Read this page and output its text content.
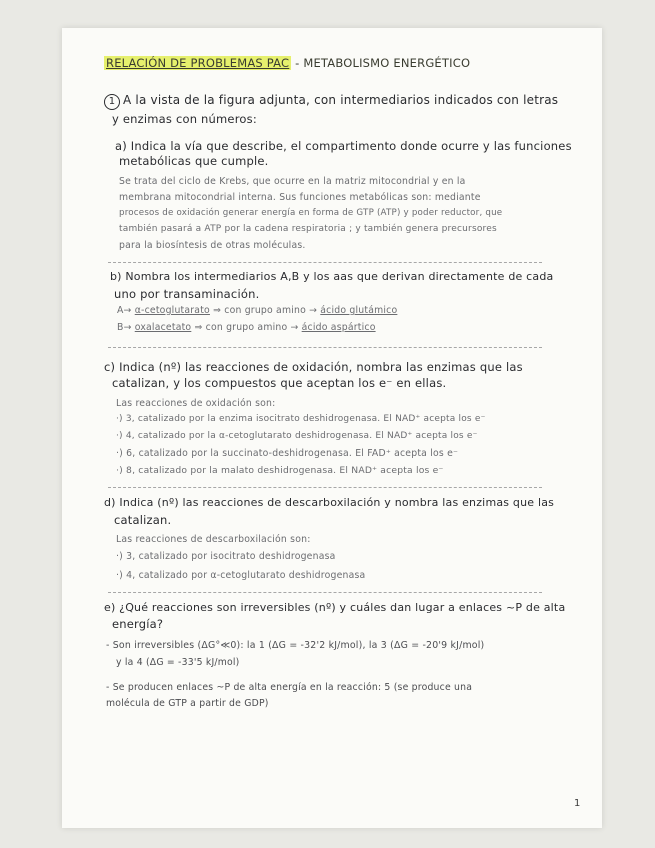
RELACIÓN DE PROBLEMAS PAC - METABOLISMO ENERGÉTICO
1 A la vista de la figura adjunta, con intermediarios indicados con letras
y enzimas con números:
a) Indica la vía que describe, el compartimento donde ocurre y las funciones
metabólicas que cumple.
Se trata del ciclo de Krebs, que ocurre en la matriz mitocondrial y en la
membrana mitocondrial interna. Sus funciones metabólicas son: mediante
procesos de oxidación generar energía en forma de GTP (ATP) y poder reductor, que
también pasará a ATP por la cadena respiratoria ; y también genera precursores
para la biosíntesis de otras moléculas.
b) Nombra los intermediarios A,B y los aas que derivan directamente de cada
uno por transaminación.
A→ α-cetoglutarato ⇒ con grupo amino → ácido glutámico
B→ oxalacetato ⇒ con grupo amino → ácido aspártico
c) Indica (nº) las reacciones de oxidación, nombra las enzimas que las
catalizan, y los compuestos que aceptan los e⁻ en ellas.
Las reacciones de oxidación son:
·) 3, catalizado por la enzima isocitrato deshidrogenasa. El NAD⁺ acepta los e⁻
·) 4, catalizado por la α-cetoglutarato deshidrogenasa. El NAD⁺ acepta los e⁻
·) 6, catalizado por la succinato-deshidrogenasa. El FAD⁺ acepta los e⁻
·) 8, catalizado por la malato deshidrogenasa. El NAD⁺ acepta los e⁻
d) Indica (nº) las reacciones de descarboxilación y nombra las enzimas que las
catalizan.
Las reacciones de descarboxilación son:
·) 3, catalizado por isocitrato deshidrogenasa
·) 4, catalizado por α-cetoglutarato deshidrogenasa
e) ¿Qué reacciones son irreversibles (nº) y cuáles dan lugar a enlaces ~P de alta
energía?
- Son irreversibles (ΔG°≪0): la 1 (ΔG = -32'2 kJ/mol), la 3 (ΔG = -20'9 kJ/mol)
y la 4 (ΔG = -33'5 kJ/mol)
- Se producen enlaces ~P de alta energía en la reacción: 5 (se produce una
molécula de GTP a partir de GDP)
1
